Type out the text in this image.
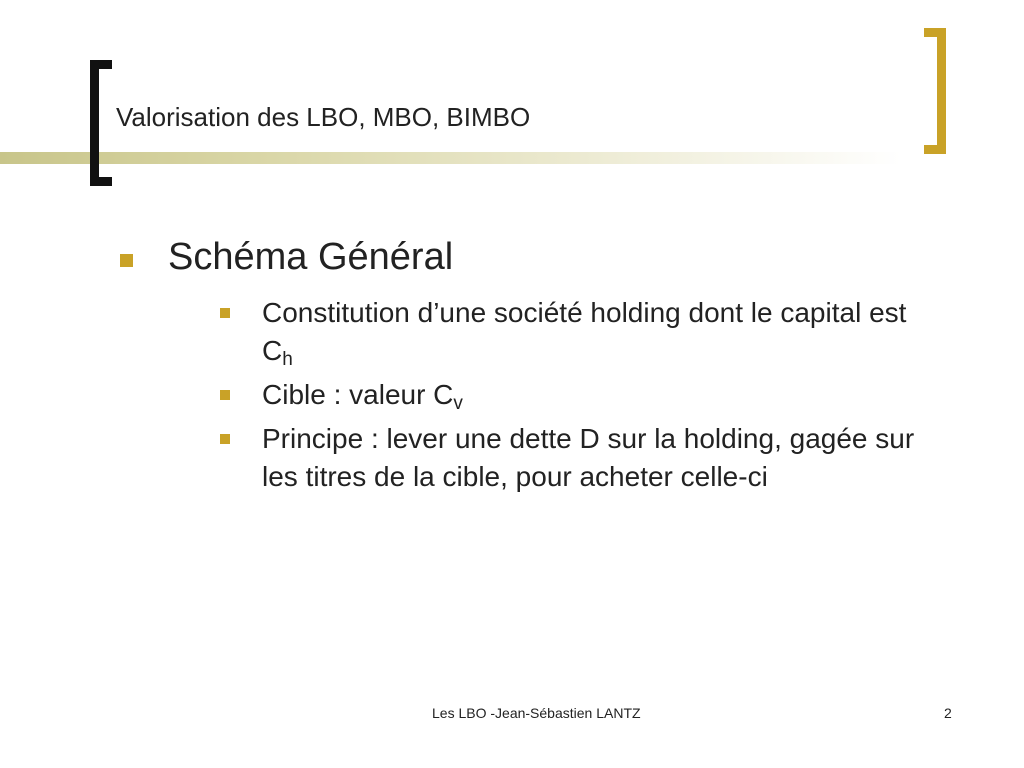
Valorisation des LBO, MBO, BIMBO
Schéma Général
Constitution d’une société holding dont le capital est $C_h$
Cible : valeur $C_v$
Principe : lever une dette D sur la holding, gagée sur les titres de la cible, pour acheter celle-ci
Les LBO -Jean-Sébastien LANTZ	2
